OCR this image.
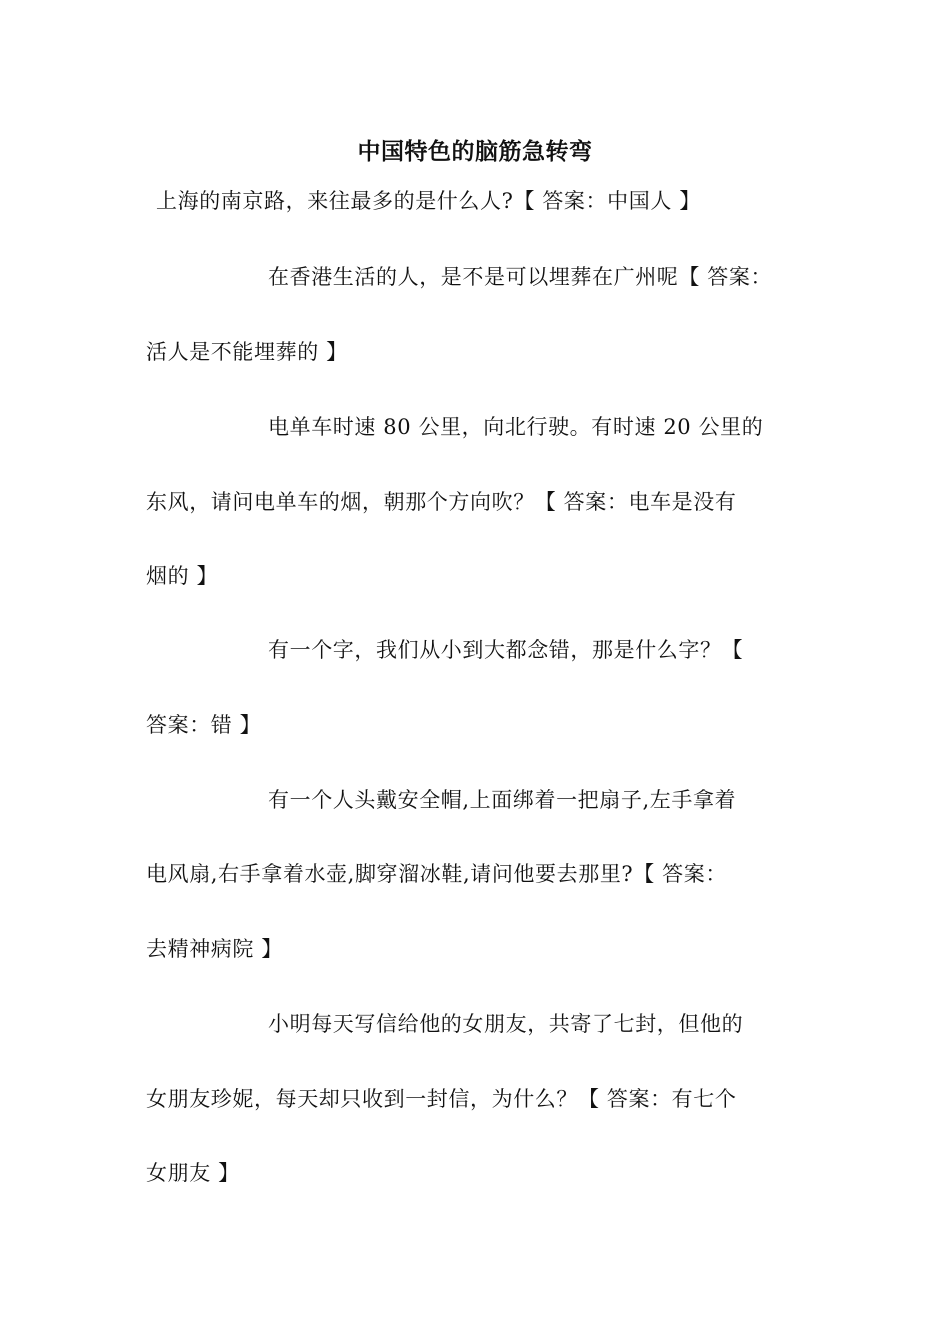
中国特色的脑筋急转弯
上海的南京路，来往最多的是什么人?【 答案：中国人 】
在香港生活的人，是不是可以埋葬在广州呢【 答案：
活人是不能埋葬的 】
电单车时速 80 公里，向北行驶。有时速 20 公里的
东风，请问电单车的烟，朝那个方向吹？【 答案：电车是没有
烟的 】
有一个字，我们从小到大都念错，那是什么字？【
答案：错 】
有一个人头戴安全帽,上面绑着一把扇子,左手拿着
电风扇,右手拿着水壶,脚穿溜冰鞋,请问他要去那里?【 答案：
去精神病院 】
小明每天写信给他的女朋友，共寄了七封，但他的
女朋友珍妮，每天却只收到一封信，为什么？【 答案：有七个
女朋友 】
